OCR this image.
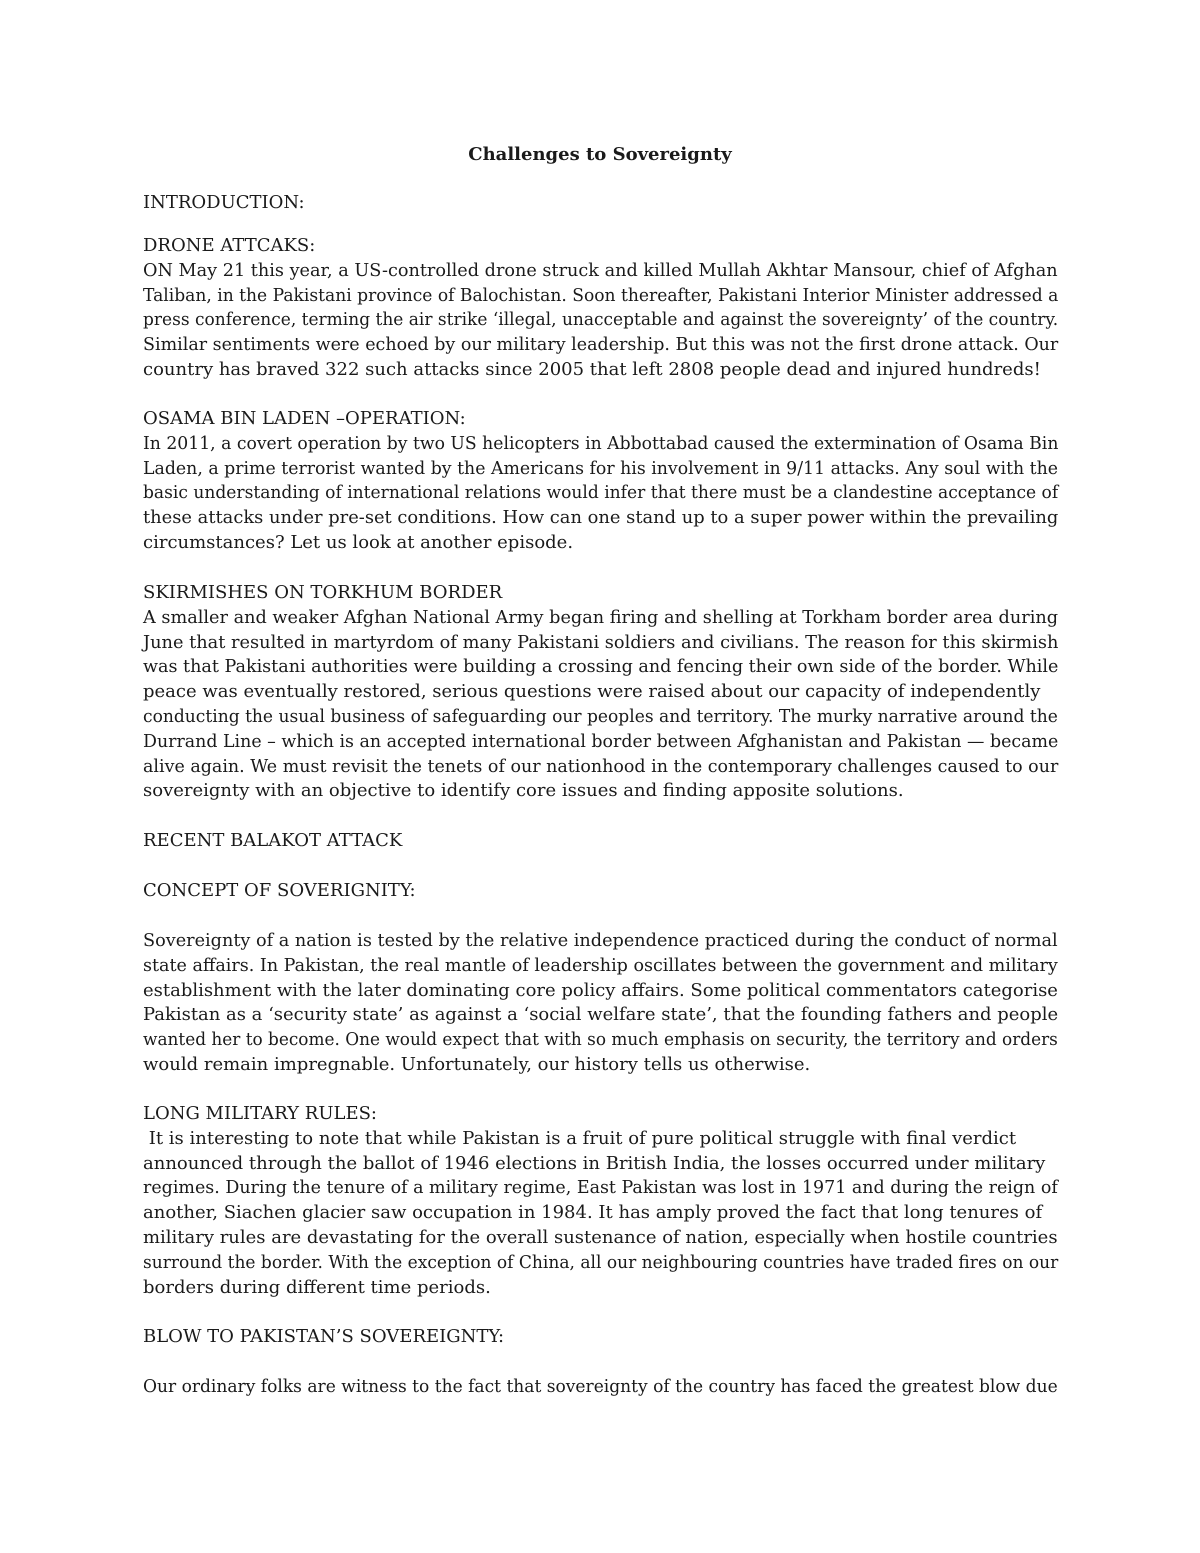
Challenges to Sovereignty
INTRODUCTION:
DRONE ATTCAKS:
ON May 21 this year, a US-controlled drone struck and killed Mullah Akhtar Mansour, chief of Afghan
Taliban, in the Pakistani province of Balochistan. Soon thereafter, Pakistani Interior Minister addressed a
press conference, terming the air strike ‘illegal, unacceptable and against the sovereignty’ of the country.
Similar sentiments were echoed by our military leadership. But this was not the first drone attack. Our
country has braved 322 such attacks since 2005 that left 2808 people dead and injured hundreds!
OSAMA BIN LADEN –OPERATION:
In 2011, a covert operation by two US helicopters in Abbottabad caused the extermination of Osama Bin
Laden, a prime terrorist wanted by the Americans for his involvement in 9/11 attacks. Any soul with the
basic understanding of international relations would infer that there must be a clandestine acceptance of
these attacks under pre-set conditions. How can one stand up to a super power within the prevailing
circumstances? Let us look at another episode.
SKIRMISHES ON TORKHUM BORDER
A smaller and weaker Afghan National Army began firing and shelling at Torkham border area during
June that resulted in martyrdom of many Pakistani soldiers and civilians. The reason for this skirmish
was that Pakistani authorities were building a crossing and fencing their own side of the border. While
peace was eventually restored, serious questions were raised about our capacity of independently
conducting the usual business of safeguarding our peoples and territory. The murky narrative around the
Durrand Line – which is an accepted international border between Afghanistan and Pakistan — became
alive again. We must revisit the tenets of our nationhood in the contemporary challenges caused to our
sovereignty with an objective to identify core issues and finding apposite solutions.
RECENT BALAKOT ATTACK
CONCEPT OF SOVERIGNITY:
Sovereignty of a nation is tested by the relative independence practiced during the conduct of normal
state affairs. In Pakistan, the real mantle of leadership oscillates between the government and military
establishment with the later dominating core policy affairs. Some political commentators categorise
Pakistan as a ‘security state’ as against a ‘social welfare state’, that the founding fathers and people
wanted her to become. One would expect that with so much emphasis on security, the territory and orders
would remain impregnable. Unfortunately, our history tells us otherwise.
LONG MILITARY RULES:
It is interesting to note that while Pakistan is a fruit of pure political struggle with final verdict
announced through the ballot of 1946 elections in British India, the losses occurred under military
regimes. During the tenure of a military regime, East Pakistan was lost in 1971 and during the reign of
another, Siachen glacier saw occupation in 1984. It has amply proved the fact that long tenures of
military rules are devastating for the overall sustenance of nation, especially when hostile countries
surround the border. With the exception of China, all our neighbouring countries have traded fires on our
borders during different time periods.
BLOW TO PAKISTAN’S SOVEREIGNTY:
Our ordinary folks are witness to the fact that sovereignty of the country has faced the greatest blow due
